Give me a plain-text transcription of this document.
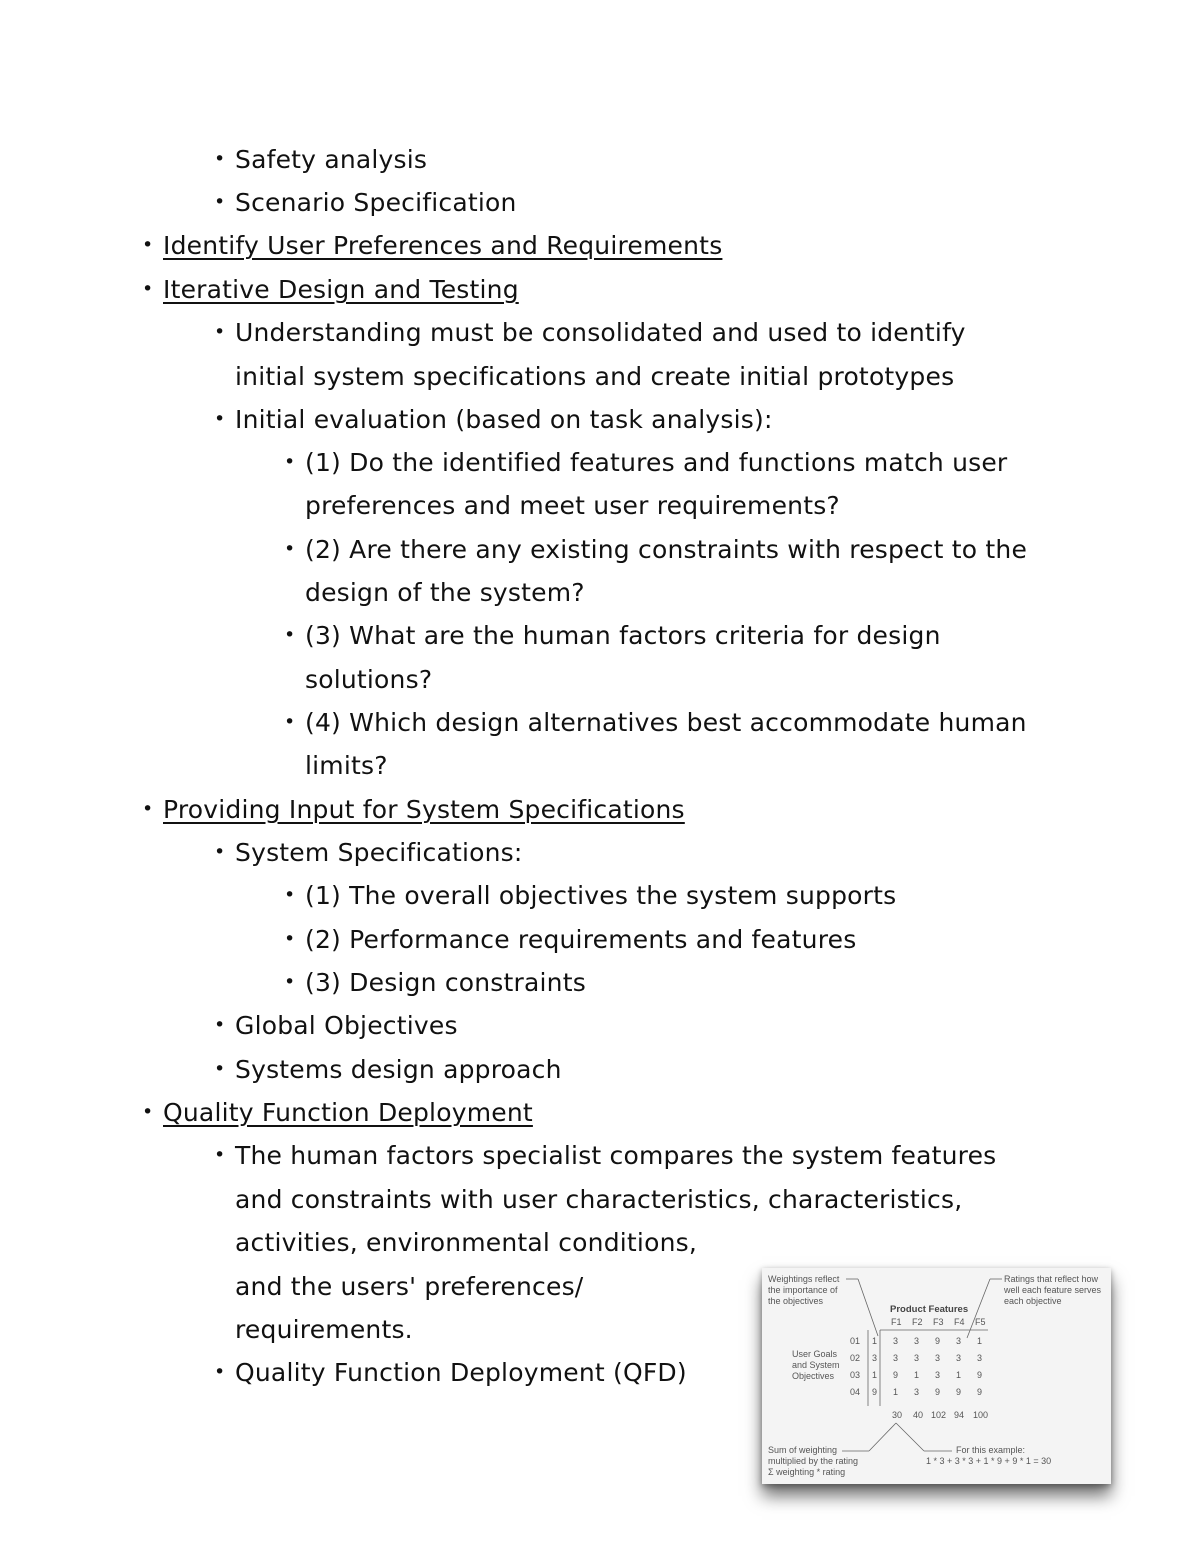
• Safety analysis
• Scenario Specification
• Identify User Preferences and Requirements
• Iterative Design and Testing
• Understanding must be consolidated and used to identify
initial system specifications and create initial prototypes
• Initial evaluation (based on task analysis):
• (1) Do the identified features and functions match user
preferences and meet user requirements?
• (2) Are there any existing constraints with respect to the
design of the system?
• (3) What are the human factors criteria for design
solutions?
• (4) Which design alternatives best accommodate human
limits?
• Providing Input for System Specifications
• System Specifications:
• (1) The overall objectives the system supports
• (2) Performance requirements and features
• (3) Design constraints
• Global Objectives
• Systems design approach
• Quality Function Deployment
• The human factors specialist compares the system features
and constraints with user characteristics, characteristics,
activities, environmental conditions,
and the users' preferences/
requirements.
• Quality Function Deployment (QFD)
Weightings reflect
the importance of
the objectives
Ratings that reflect how
well each feature serves
each objective
Product Features
F1 F2 F3 F4 F5
User Goals
and System
Objectives
01 1 3 3 9 3 1
02 3 3 3 3 3 3
03 1 9 1 3 1 9
04 9 1 3 9 9 9
30 40 102 94 100
Sum of weighting
multiplied by the rating
Σ weighting * rating
For this example:
1 * 3 + 3 * 3 + 1 * 9 + 9 * 1 = 30
